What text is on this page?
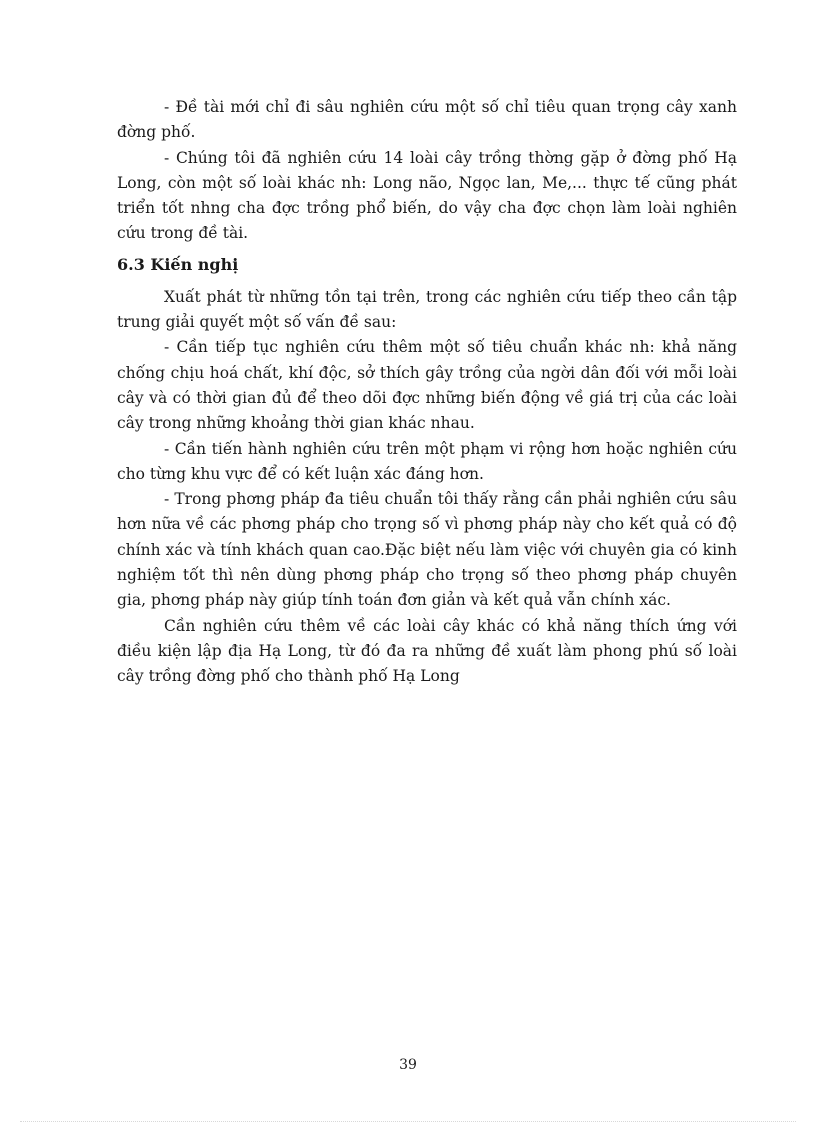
- Đề tài mới chỉ đi sâu nghiên cứu một số chỉ tiêu quan trọng cây xanh đờng phố.

- Chúng tôi đã nghiên cứu 14 loài cây trồng thờng gặp ở đờng phố Hạ Long, còn một số loài khác nh: Long não, Ngọc lan, Me,... thực tế cũng phát triển tốt nhng cha đợc trồng phổ biến, do vậy cha đợc chọn làm loài nghiên cứu trong đề tài.

6.3 Kiến nghị

Xuất phát từ những tồn tại trên, trong các nghiên cứu tiếp theo cần tập trung giải quyết một số vấn đề sau:

- Cần tiếp tục nghiên cứu thêm một số tiêu chuẩn khác nh: khả năng chống chịu hoá chất, khí độc, sở thích gây trồng của ngời dân đối với mỗi loài cây và có thời gian đủ để theo dõi đợc những biến động về giá trị của các loài cây trong những khoảng thời gian khác nhau.

- Cần tiến hành nghiên cứu trên một phạm vi rộng hơn hoặc nghiên cứu cho từng khu vực để có kết luận xác đáng hơn.

- Trong phơng pháp đa tiêu chuẩn tôi thấy rằng cần phải nghiên cứu sâu hơn nữa về các phơng pháp cho trọng số vì phơng pháp này cho kết quả có độ chính xác và tính khách quan cao.Đặc biệt nếu làm việc với chuyên gia có kinh nghiệm tốt thì nên dùng phơng pháp cho trọng số theo phơng pháp chuyên gia, phơng pháp này giúp tính toán đơn giản và kết quả vẫn chính xác.

Cần nghiên cứu thêm về các loài cây khác có khả năng thích ứng với điều kiện lập địa Hạ Long, từ đó đa ra những đề xuất làm phong phú số loài cây trồng đờng phố cho thành phố Hạ Long

39
